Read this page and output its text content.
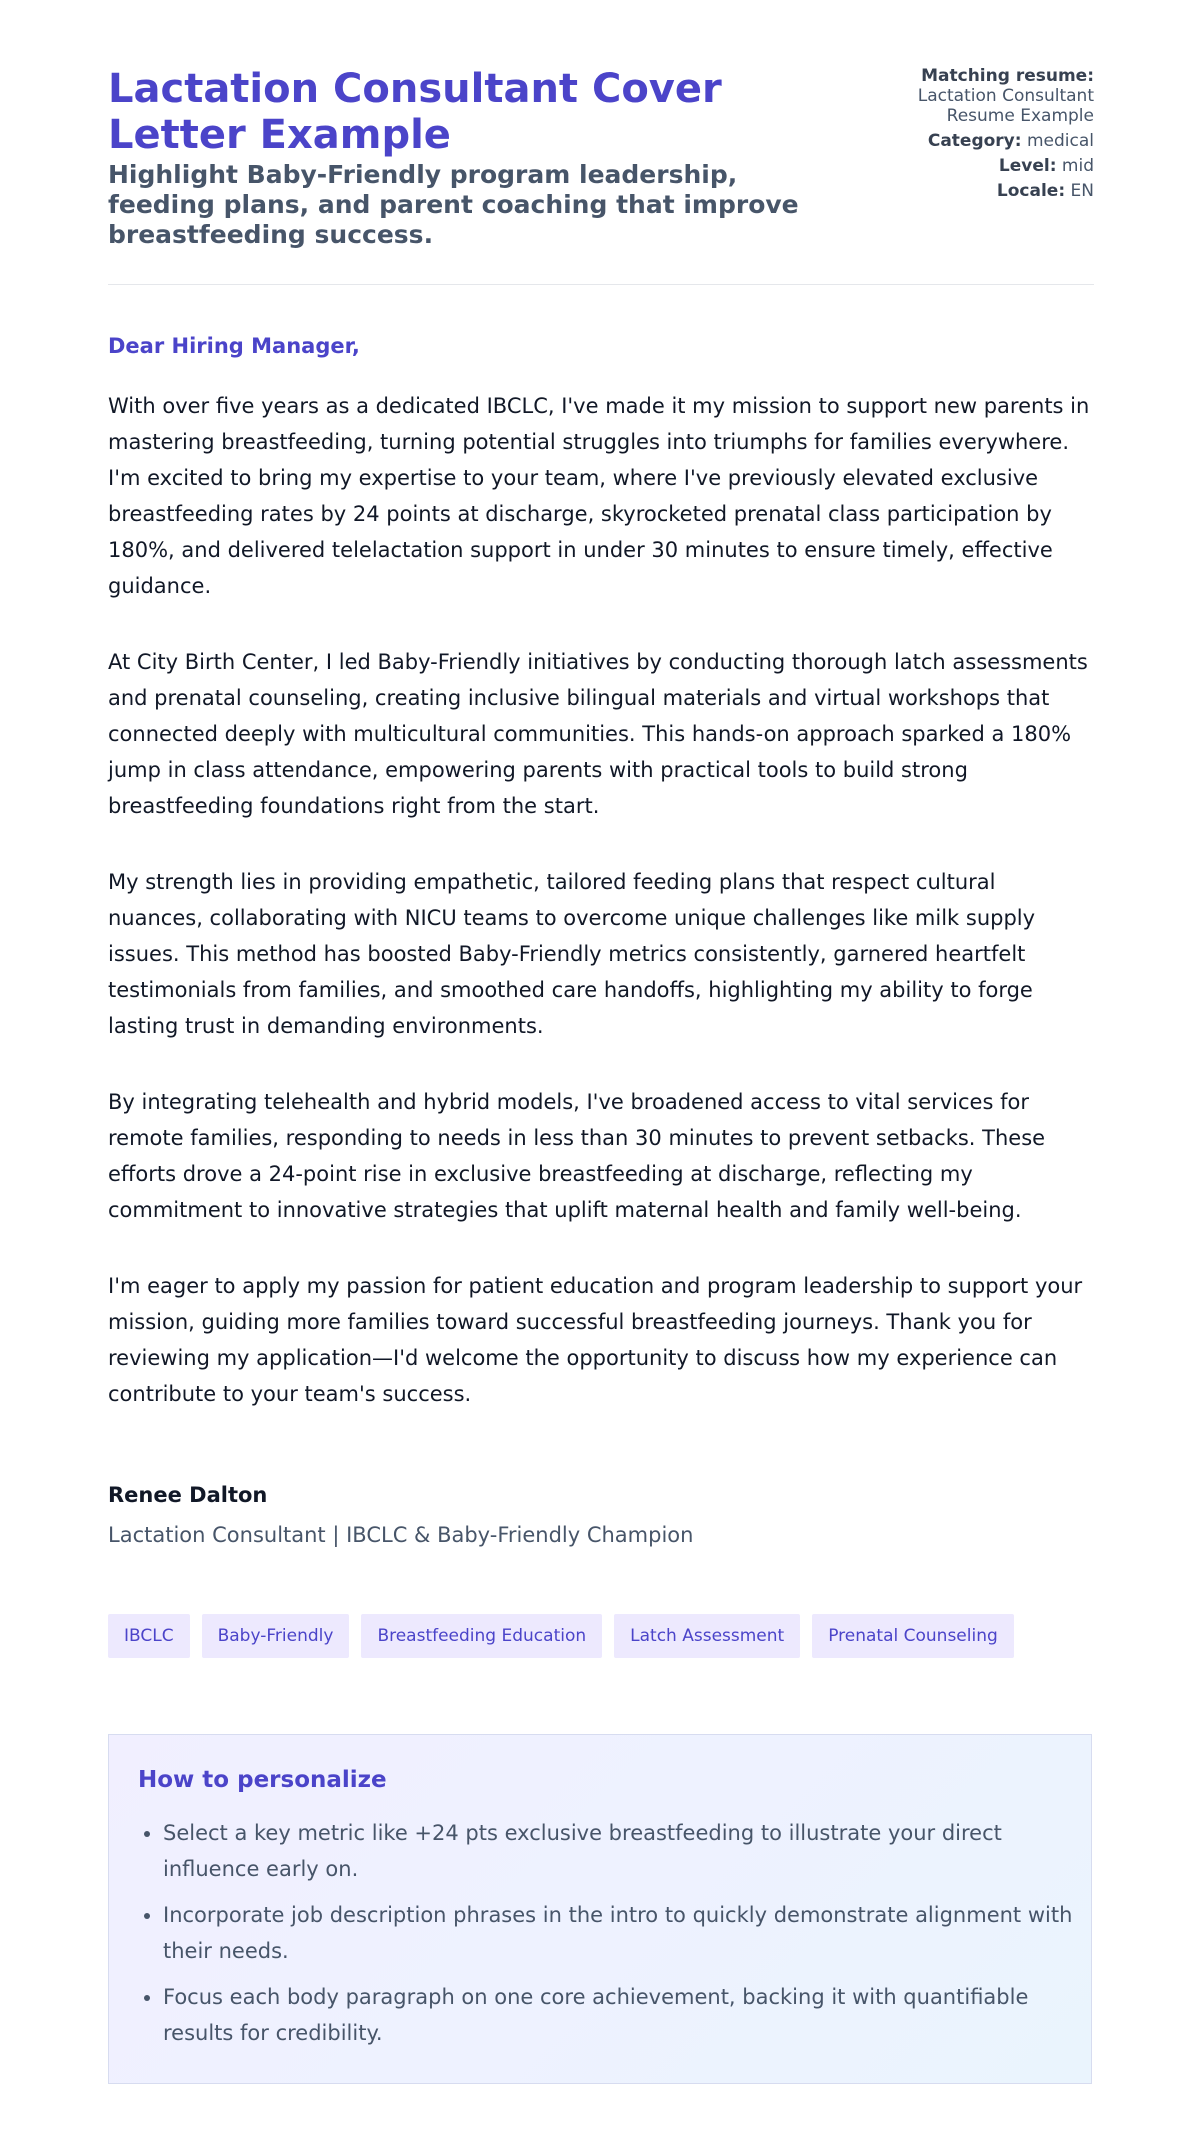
Lactation Consultant Cover Letter Example
Highlight Baby-Friendly program leadership, feeding plans, and parent coaching that improve breastfeeding success.
Matching resume:
Lactation Consultant
Resume Example
Category: medical
Level: mid
Locale: EN

Dear Hiring Manager,

With over five years as a dedicated IBCLC, I've made it my mission to support new parents in mastering breastfeeding, turning potential struggles into triumphs for families everywhere. I'm excited to bring my expertise to your team, where I've previously elevated exclusive breastfeeding rates by 24 points at discharge, skyrocketed prenatal class participation by 180%, and delivered telelactation support in under 30 minutes to ensure timely, effective guidance.

At City Birth Center, I led Baby-Friendly initiatives by conducting thorough latch assessments and prenatal counseling, creating inclusive bilingual materials and virtual workshops that connected deeply with multicultural communities. This hands-on approach sparked a 180% jump in class attendance, empowering parents with practical tools to build strong breastfeeding foundations right from the start.

My strength lies in providing empathetic, tailored feeding plans that respect cultural nuances, collaborating with NICU teams to overcome unique challenges like milk supply issues. This method has boosted Baby-Friendly metrics consistently, garnered heartfelt testimonials from families, and smoothed care handoffs, highlighting my ability to forge lasting trust in demanding environments.

By integrating telehealth and hybrid models, I've broadened access to vital services for remote families, responding to needs in less than 30 minutes to prevent setbacks. These efforts drove a 24-point rise in exclusive breastfeeding at discharge, reflecting my commitment to innovative strategies that uplift maternal health and family well-being.

I'm eager to apply my passion for patient education and program leadership to support your mission, guiding more families toward successful breastfeeding journeys. Thank you for reviewing my application—I'd welcome the opportunity to discuss how my experience can contribute to your team's success.

Renee Dalton
Lactation Consultant | IBCLC & Baby-Friendly Champion
IBCLC	Baby-Friendly	Breastfeeding Education	Latch Assessment	Prenatal Counseling
How to personalize
• Select a key metric like +24 pts exclusive breastfeeding to illustrate your direct influence early on.
• Incorporate job description phrases in the intro to quickly demonstrate alignment with their needs.
• Focus each body paragraph on one core achievement, backing it with quantifiable results for credibility.
